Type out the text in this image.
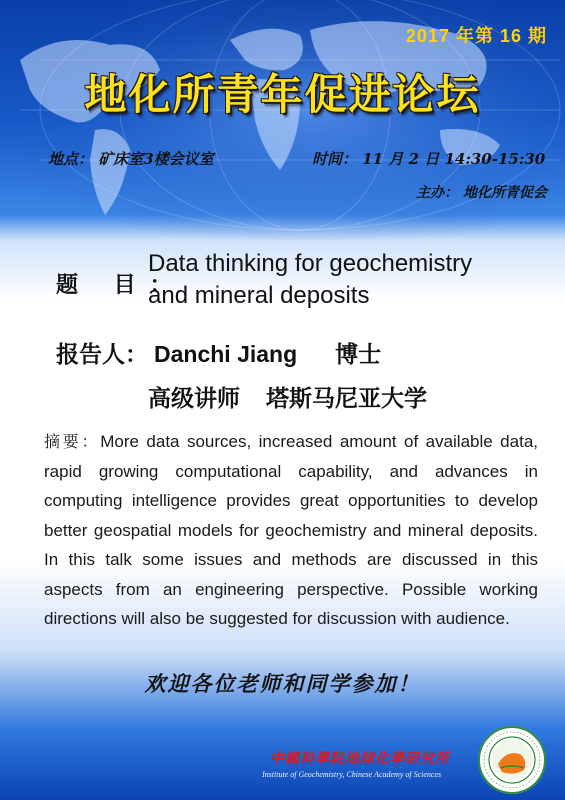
2017 年第 16 期
地化所青年促进论坛
地点： 矿床室3楼会议室	时间： 11 月 2 日 14:30-15:30
主办： 地化所青促会
题 目：
Data thinking for geochemistry
and mineral deposits
报告人： Danchi Jiang 博士
高级讲师 塔斯马尼亚大学
摘要：More data sources, increased amount of available data, rapid growing computational capability, and advances in computing intelligence provides great opportunities to develop better geospatial models for geochemistry and mineral deposits. In this talk some issues and methods are discussed in this aspects from an engineering perspective. Possible working directions will also be suggested for discussion with audience.
欢迎各位老师和同学参加！
中國科學院地球化學研究所
Institute of Geochemistry, Chinese Academy of Sciences
